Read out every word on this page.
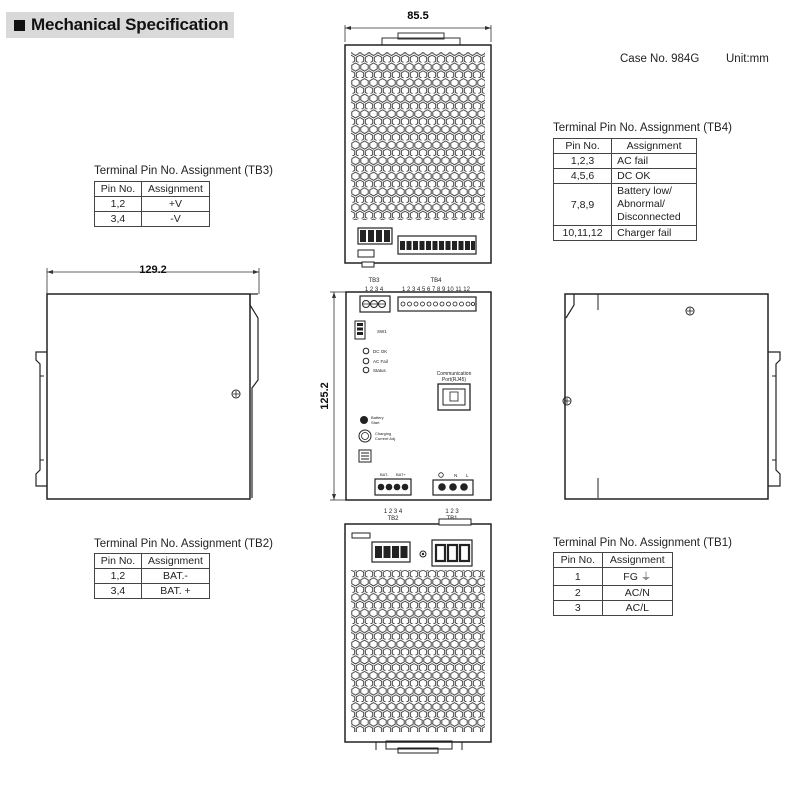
Mechanical Specification
Case No. 984G Unit:mm
Terminal Pin No. Assignment (TB3)
Pin No.	Assignment
1,2	+V
3,4	-V
Terminal Pin No. Assignment (TB4)
Pin No.	Assignment
1,2,3	AC fail
4,5,6	DC OK
7,8,9	Battery low/
Abnormal/
Disconnected
10,11,12	Charger fail
Terminal Pin No. Assignment (TB2)
Pin No.	Assignment
1,2	BAT.-
3,4	BAT. +
Terminal Pin No. Assignment (TB1)
Pin No.	Assignment
1	FG ⏚
2	AC/N
3	AC/L
85.5
129.2
125.2
TB3
1 2 3 4
TB4
1 2 3 4 5 6 7 8 9 10 11 12
SW1
DC OK
AC Fail
Status
Communication
Port(RJ45)
Battery
Start
Charging
Current Adj.
BAT- BAT+	N L
1 2 3 4
TB2
1 2 3
